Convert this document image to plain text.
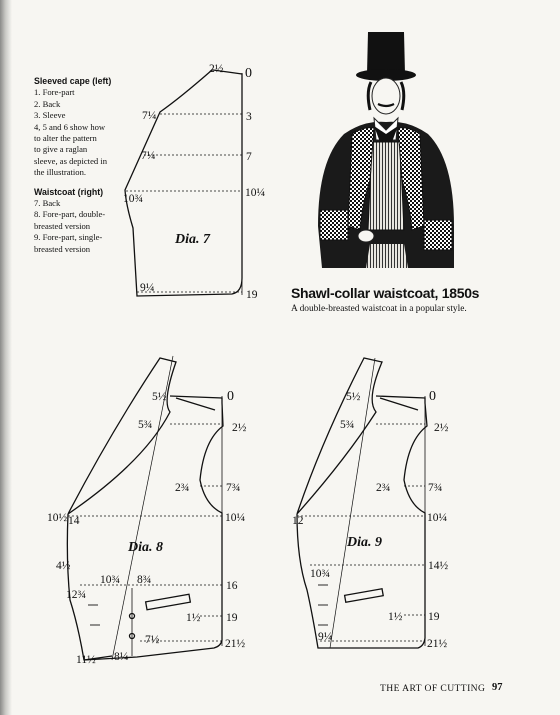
Sleeved cape (left)
1. Fore-part
2. Back
3. Sleeve
4, 5 and 6 show how
to alter the pattern
to give a raglan
sleeve, as depicted in
the illustration.
Waistcoat (right)
7. Back
8. Fore-part, double-
breasted version
9. Fore-part, single-
breasted version
2½ 0
3
7
10¼
19
7¼
7¼
10¾
9¼
Dia. 7
5½	0
5¾	2½
2¾	7¾
10½ 14	10¼
4½
10¾ 8¾	16
12¾
1½ 19
7½	21½
11½ 8¼
Dia. 8
5½	0
5¾	2½
2¾	7¾
12	10¼
10¾
14½
1½ 19
9¼
21½
Dia. 9
Shawl-collar waistcoat, 1850s
A double-breasted waistcoat in a popular style.
THE ART OF CUTTING 97
